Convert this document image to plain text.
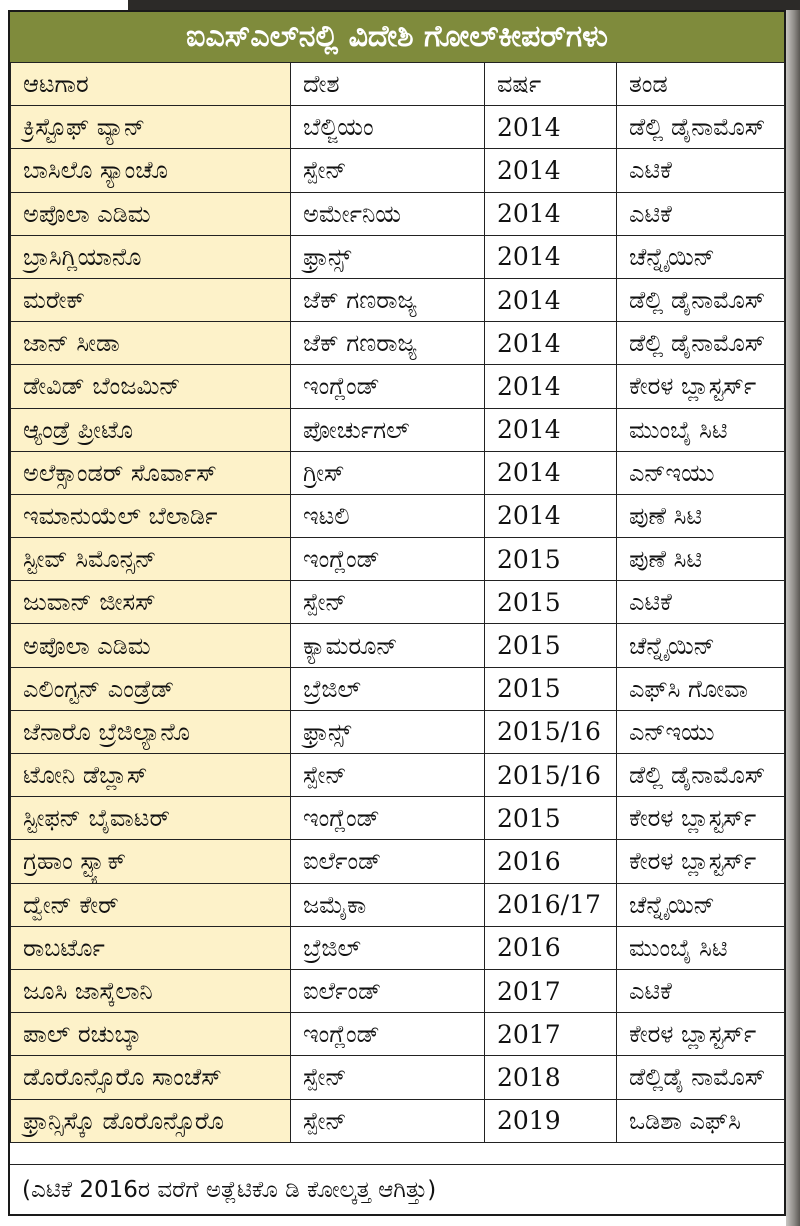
ಐಎಸ್‌ಎಲ್‌ನಲ್ಲಿ ವಿದೇಶಿ ಗೋಲ್‌ಕೀಪರ್‌ಗಳು
ಆಟಗಾರ	ದೇಶ	ವರ್ಷ	ತಂಡ
ಕ್ರಿಸ್ಟೊಫ್‌ ವ್ಯಾನ್	ಬೆಲ್ಜಿಯಂ	2014	ಡೆಲ್ಲಿ ಡೈನಾಮೊಸ್‌
ಬಾಸಿಲೊ ಸ್ಯಾಂಚೊ	ಸ್ಪೇನ್	2014	ಎಟಿಕೆ
ಅಪೊಲಾ ಎಡಿಮ	ಅರ್ಮೇನಿಯ	2014	ಎಟಿಕೆ
ಬ್ರಾಸಿಗ್ಲಿಯಾನೊ	ಫ್ರಾನ್ಸ್	2014	ಚೆನ್ನೈಯಿನ್
ಮರೇಕ್	ಜೆಕ್‌ ಗಣರಾಜ್ಯ	2014	ಡೆಲ್ಲಿ ಡೈನಾಮೊಸ್‌
ಜಾನ್‌ ಸೀಡಾ	ಜೆಕ್‌ ಗಣರಾಜ್ಯ	2014	ಡೆಲ್ಲಿ ಡೈನಾಮೊಸ್‌
ಡೇವಿಡ್‌ ಬೆಂಜಮಿನ್	ಇಂಗ್ಲೆಂಡ್	2014	ಕೇರಳ ಬ್ಲಾಸ್ಟರ್ಸ್
ಆ್ಯಂಡ್ರೆ ಪ್ರೀಟೊ	ಪೋರ್ಚುಗಲ್	2014	ಮುಂಬೈ ಸಿಟಿ
ಅಲೆಕ್ಸಾಂಡರ್‌ ಸೊರ್ವಾಸ್‌	ಗ್ರೀಸ್‌	2014	ಎನ್‌ಇಯು
ಇಮಾನುಯೆಲ್‌ ಬೆಲಾರ್ಡಿ	ಇಟಲಿ	2014	ಪುಣೆ ಸಿಟಿ
ಸ್ಟೀವ್‌ ಸಿಮೊನ್ಸನ್	ಇಂಗ್ಲೆಂಡ್	2015	ಪುಣೆ ಸಿಟಿ
ಜುವಾನ್‌ ಜೀಸಸ್‌	ಸ್ಪೇನ್	2015	ಎಟಿಕೆ
ಅಪೊಲಾ ಎಡಿಮ	ಕ್ಯಾಮರೂನ್	2015	ಚೆನ್ನೈಯಿನ್
ಎಲಿಂಗ್ಟನ್‌ ಎಂಡ್ರೆಡ್‌	ಬ್ರೆಜಿಲ್‌	2015	ಎಫ್‌ಸಿ ಗೋವಾ
ಜೆನಾರೊ ಬ್ರೆಜಿಲ್ಯಾನೊ	ಫ್ರಾನ್ಸ್	2015/16	ಎನ್‌ಇಯು
ಟೋನಿ ಡೆಬ್ಲಾಸ್‌	ಸ್ಪೇನ್	2015/16	ಡೆಲ್ಲಿ ಡೈನಾಮೊಸ್‌
ಸ್ಟೀಫನ್‌ ಬೈವಾಟರ್‌	ಇಂಗ್ಲೆಂಡ್	2015	ಕೇರಳ ಬ್ಲಾಸ್ಟರ್ಸ್
ಗ್ರಹಾಂ ಸ್ಟ್ಯಾಕ್‌	ಐರ್ಲೆಂಡ್‌	2016	ಕೇರಳ ಬ್ಲಾಸ್ಟರ್ಸ್
ದ್ವೇನ್‌ ಕೇರ್‌	ಜಮೈಕಾ	2016/17	ಚೆನ್ನೈಯಿನ್
ರಾಬರ್ಟೊ	ಬ್ರೆಜಿಲ್‌	2016	ಮುಂಬೈ ಸಿಟಿ
ಜೂಸಿ ಜಾಸ್ಕೆಲಾನಿ	ಐರ್ಲೆಂಡ್‌	2017	ಎಟಿಕೆ
ಪಾಲ್‌ ರಚುಬ್ಕಾ	ಇಂಗ್ಲೆಂಡ್	2017	ಕೇರಳ ಬ್ಲಾಸ್ಟರ್ಸ್
ಡೊರೊನ್ಸೊರೊ ಸಾಂಚೆಸ್‌	ಸ್ಪೇನ್	2018	ಡೆಲ್ಲಿಡೈ ನಾಮೊಸ್‌
ಫ್ರಾನ್ಸಿಸ್ಕೊ ಡೊರೊನ್ಸೊರೊ	ಸ್ಪೇನ್	2019	ಒಡಿಶಾ ಎಫ್‌ಸಿ
(ಎಟಿಕೆ 2016ರ ವರೆಗೆ ಅತ್ಲೆಟಿಕೊ ಡಿ ಕೋಲ್ಕತ್ತ ಆಗಿತ್ತು)
